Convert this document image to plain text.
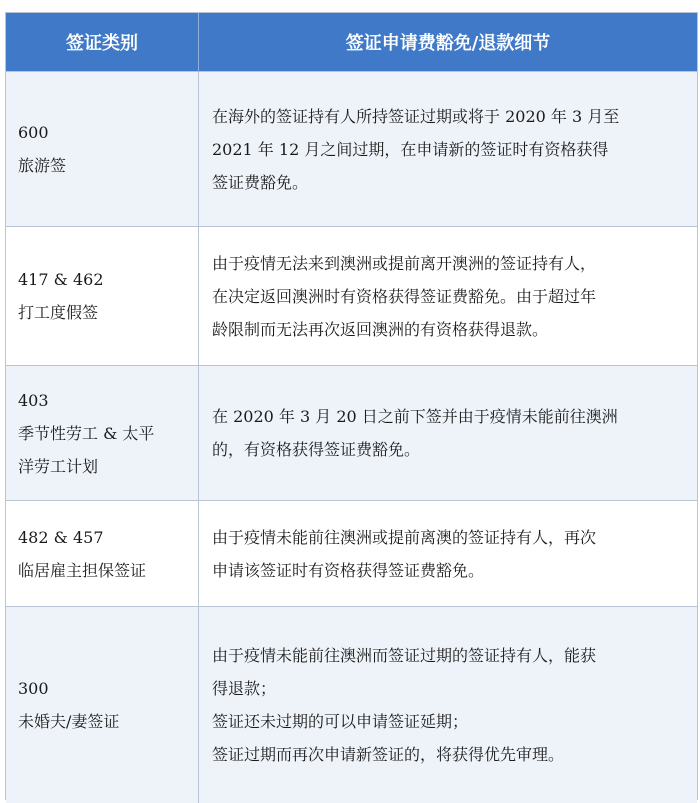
签证类别	签证申请费豁免/退款细节

600
旅游签	在海外的签证持有人所持签证过期或将于 2020 年 3 月至
2021 年 12 月之间过期，在申请新的签证时有资格获得
签证费豁免。

417 & 462
打工度假签	由于疫情无法来到澳洲或提前离开澳洲的签证持有人，
在决定返回澳洲时有资格获得签证费豁免。由于超过年
龄限制而无法再次返回澳洲的有资格获得退款。

403
季节性劳工 & 太平
洋劳工计划	在 2020 年 3 月 20 日之前下签并由于疫情未能前往澳洲
的，有资格获得签证费豁免。

482 & 457
临居雇主担保签证	由于疫情未能前往澳洲或提前离澳的签证持有人，再次
申请该签证时有资格获得签证费豁免。

300
未婚夫/妻签证	由于疫情未能前往澳洲而签证过期的签证持有人，能获
得退款；
签证还未过期的可以申请签证延期；
签证过期而再次申请新签证的，将获得优先审理。
